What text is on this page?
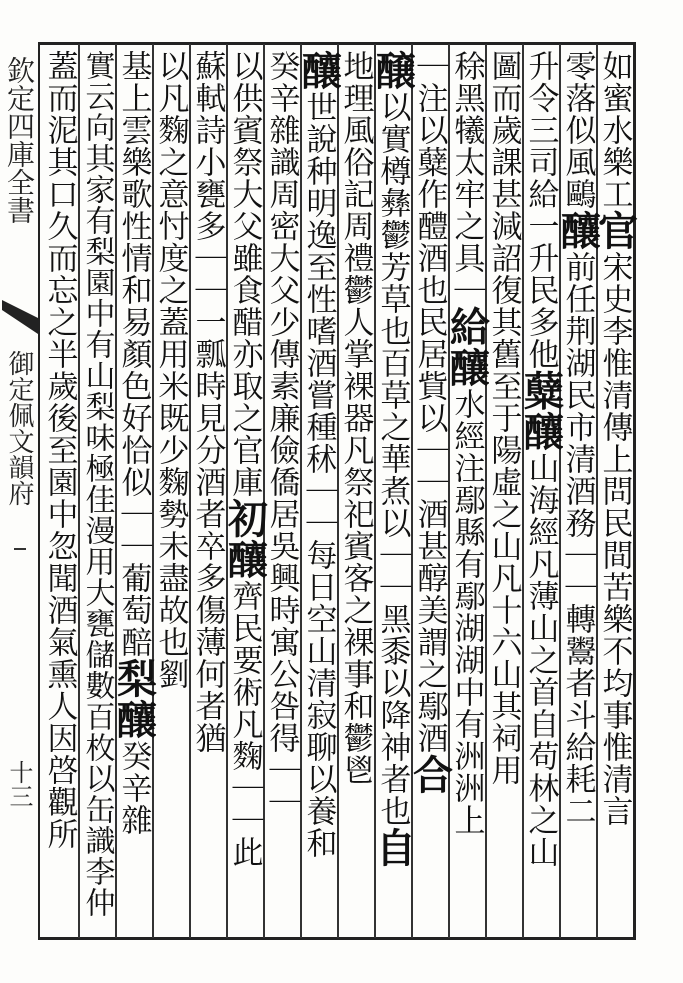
欽定四庫全書
御定佩文韻府
十三
如蜜水樂工官宋史李惟清傳上問民間苦樂不均事惟清言
零落似風鷗釀前任荆湖民市清酒務｜｜轉鬻者斗給耗二
升令三司給一升民多他糵釀山海經凡薄山之首自苟林之山
圖而歲課甚減詔復其舊至于陽虛之山凡十六山其祠用
稌黑犧太牢之具｜給釀水經注鄢縣有鄢湖湖中有洲洲上
｜注以糵作醴酒也民居貲以｜｜酒甚醇美謂之鄢酒合
醸以實樽彝鬱芳草也百草之華煮以｜｜黑黍以降神者也自
地理風俗記周禮鬱人掌裸器凡祭祀賓客之裸事和鬱鬯
釀世說种明逸至性嗜酒嘗種秫｜｜每日空山清寂聊以養和
癸辛雜識周密大父少傳素廉儉僑居吳興時寓公咎得｜｜
以供賓祭大父雖食醋亦取之官庫初釀齊民要術凡麴｜｜此
蘇軾詩小甕多｜｜一瓢時見分酒者卒多傷薄何者猶
以凡麴之意忖度之蓋用米既少麴勢未盡故也劉
基上雲樂歌性情和易顏色好恰似｜｜葡萄醅梨釀癸辛雜
實云向其家有梨園中有山梨味極佳漫用大甕儲數百枚以缶識李仲
蓋而泥其口久而忘之半歲後至園中忽聞酒氣熏人因啓觀所
